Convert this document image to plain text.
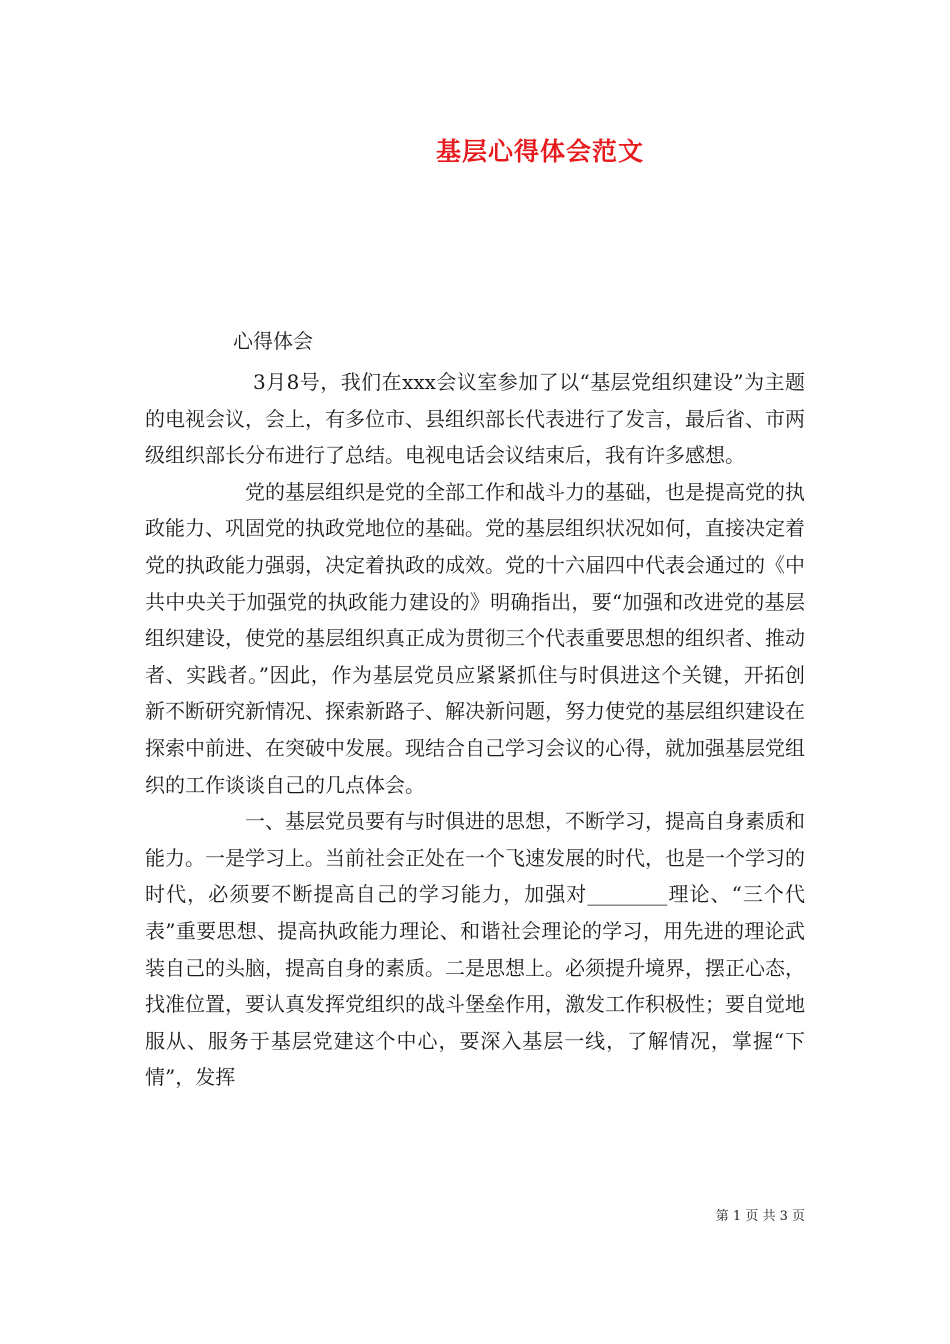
基层心得体会范文
心得体会

3月8号，我们在xxx会议室参加了以“基层党组织建设”为主题的电视会议，会上，有多位市、县组织部长代表进行了发言，最后省、市两级组织部长分布进行了总结。电视电话会议结束后，我有许多感想。

党的基层组织是党的全部工作和战斗力的基础，也是提高党的执政能力、巩固党的执政党地位的基础。党的基层组织状况如何，直接决定着党的执政能力强弱，决定着执政的成效。党的十六届四中代表会通过的《中共中央关于加强党的执政能力建设的》明确指出，要“加强和改进党的基层组织建设，使党的基层组织真正成为贯彻三个代表重要思想的组织者、推动者、实践者。”因此，作为基层党员应紧紧抓住与时俱进这个关键，开拓创新不断研究新情况、探索新路子、解决新问题，努力使党的基层组织建设在探索中前进、在突破中发展。现结合自己学习会议的心得，就加强基层党组织的工作谈谈自己的几点体会。

一、基层党员要有与时俱进的思想，不断学习，提高自身素质和能力。一是学习上。当前社会正处在一个飞速发展的时代，也是一个学习的时代，必须要不断提高自己的学习能力，加强对________理论、“三个代表”重要思想、提高执政能力理论、和谐社会理论的学习，用先进的理论武装自己的头脑，提高自身的素质。二是思想上。必须提升境界，摆正心态，找准位置，要认真发挥党组织的战斗堡垒作用，激发工作积极性；要自觉地服从、服务于基层党建这个中心，要深入基层一线，了解情况，掌握“下情”，发挥

第 1 页 共 3 页
